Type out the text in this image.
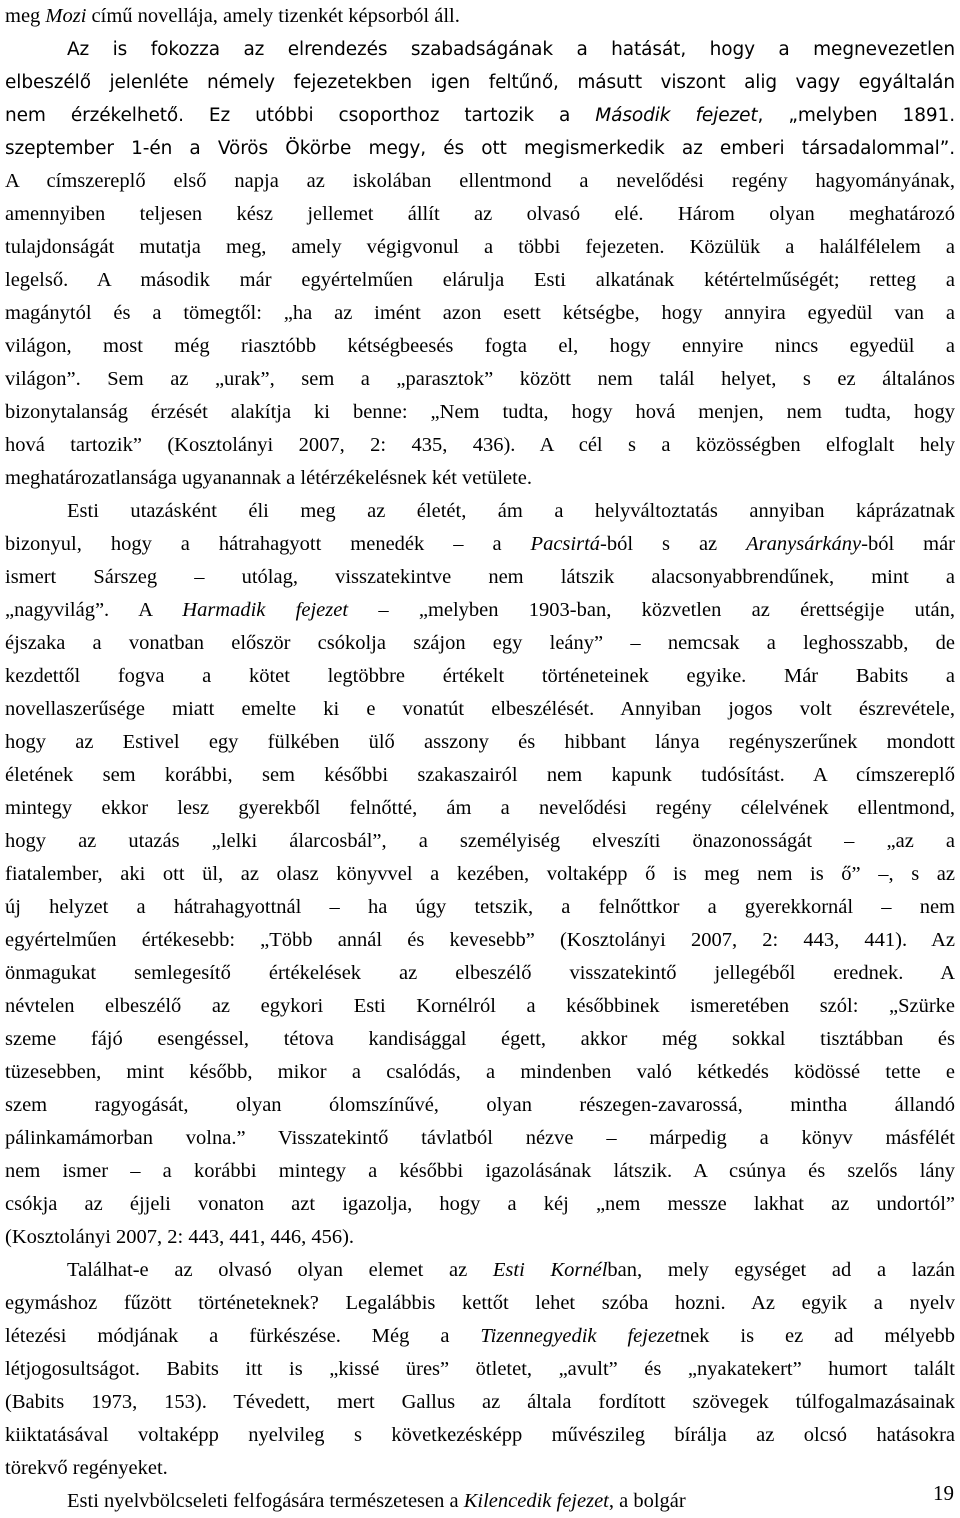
meg Mozi című novellája, amely tizenkét képsorból áll.
Az is fokozza az elrendezés szabadságának a hatását, hogy a megnevezetlen
elbeszélő jelenléte némely fejezetekben igen feltűnő, másutt viszont alig vagy egyáltalán
nem érzékelhető. Ez utóbbi csoporthoz tartozik a Második fejezet, „melyben 1891.
szeptember 1-én a Vörös Ökörbe megy, és ott megismerkedik az emberi társadalommal”.
A címszereplő első napja az iskolában ellentmond a nevelődési regény hagyományának,
amennyiben teljesen kész jellemet állít az olvasó elé. Három olyan meghatározó
tulajdonságát mutatja meg, amely végigvonul a többi fejezeten. Közülük a halálfélelem a
legelső. A második már egyértelműen elárulja Esti alkatának kétértelműségét; retteg a
magánytól és a tömegtől: „ha az imént azon esett kétségbe, hogy annyira egyedül van a
világon, most még riasztóbb kétségbeesés fogta el, hogy ennyire nincs egyedül a
világon”. Sem az „urak”, sem a „parasztok” között nem talál helyet, s ez általános
bizonytalanság érzését alakítja ki benne: „Nem tudta, hogy hová menjen, nem tudta, hogy
hová tartozik” (Kosztolányi 2007, 2: 435, 436). A cél s a közösségben elfoglalt hely
meghatározatlansága ugyanannak a létérzékelésnek két vetülete.
Esti utazásként éli meg az életét, ám a helyváltoztatás annyiban káprázatnak
bizonyul, hogy a hátrahagyott menedék – a Pacsirtá-ból s az Aranysárkány-ból már
ismert Sárszeg – utólag, visszatekintve nem látszik alacsonyabbrendűnek, mint a
„nagyvilág”. A Harmadik fejezet – „melyben 1903-ban, közvetlen az érettségije után,
éjszaka a vonatban először csókolja szájon egy leány” – nemcsak a leghosszabb, de
kezdettől fogva a kötet legtöbbre értékelt történeteinek egyike. Már Babits a
novellaszerűsége miatt emelte ki e vonatút elbeszélését. Annyiban jogos volt észrevétele,
hogy az Estivel egy fülkében ülő asszony és hibbant lánya regényszerűnek mondott
életének sem korábbi, sem későbbi szakaszairól nem kapunk tudósítást. A címszereplő
mintegy ekkor lesz gyerekből felnőtté, ám a nevelődési regény célelvének ellentmond,
hogy az utazás „lelki álarcosbál”, a személyiség elveszíti önazonosságát – „az a
fiatalember, aki ott ül, az olasz könyvvel a kezében, voltaképp ő is meg nem is ő” –, s az
új helyzet a hátrahagyottnál – ha úgy tetszik, a felnőttkor a gyerekkornál – nem
egyértelműen értékesebb: „Több annál és kevesebb” (Kosztolányi 2007, 2: 443, 441). Az
önmagukat semlegesítő értékelések az elbeszélő visszatekintő jellegéből erednek. A
névtelen elbeszélő az egykori Esti Kornélról a későbbinek ismeretében szól: „Szürke
szeme fájó esengéssel, tétova kandisággal égett, akkor még sokkal tisztábban és
tüzesebben, mint később, mikor a csalódás, a mindenben való kétkedés ködössé tette e
szem ragyogását, olyan ólomszínűvé, olyan részegen-zavarossá, mintha állandó
pálinkamámorban volna.” Visszatekintő távlatból nézve – márpedig a könyv másfélét
nem ismer – a korábbi mintegy a későbbi igazolásának látszik. A csúnya és szelős lány
csókja az éjjeli vonaton azt igazolja, hogy a kéj „nem messze lakhat az undortól”
(Kosztolányi 2007, 2: 443, 441, 446, 456).
Találhat-e az olvasó olyan elemet az Esti Kornélban, mely egységet ad a lazán
egymáshoz fűzött történeteknek? Legalábbis kettőt lehet szóba hozni. Az egyik a nyelv
létezési módjának a fürkészése. Még a Tizennegyedik fejezetnek is ez ad mélyebb
létjogosultságot. Babits itt is „kissé üres” ötletet, „avult” és „nyakatekert” humort talált
(Babits 1973, 153). Tévedett, mert Gallus az általa fordított szövegek túlfogalmazásainak
kiiktatásával voltaképp nyelvileg s következésképp művészileg bírálja az olcsó hatásokra
törekvő regényeket.
Esti nyelvbölcseleti felfogására természetesen a Kilencedik fejezet, a bolgár	19
